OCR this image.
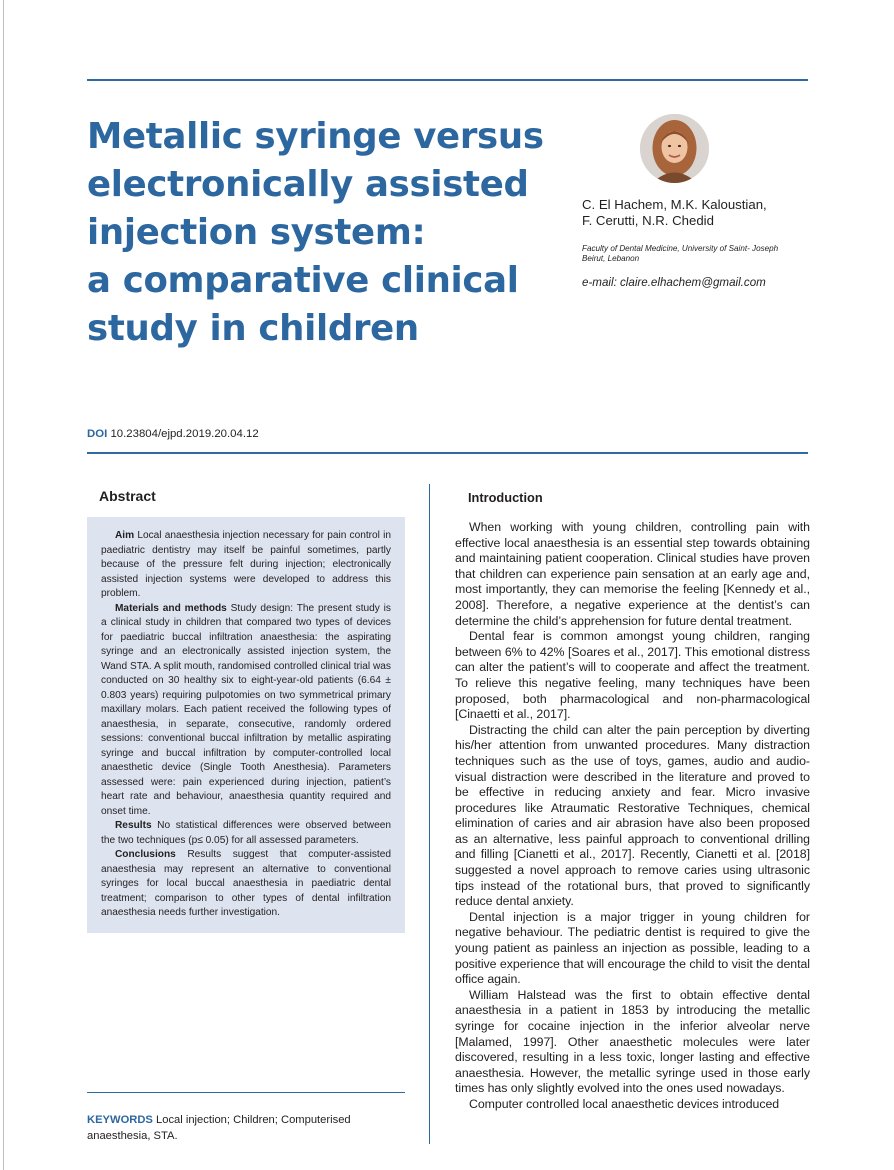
Metallic syringe versus
electronically assisted
injection system:
a comparative clinical
study in children
C. El Hachem, M.K. Kaloustian,
F. Cerutti, N.R. Chedid
Faculty of Dental Medicine, University of Saint- Joseph
Beirut, Lebanon
e-mail: claire.elhachem@gmail.com
DOI 10.23804/ejpd.2019.20.04.12
Abstract

Aim Local anaesthesia injection necessary for pain control in paediatric dentistry may itself be painful sometimes, partly because of the pressure felt during injection; electronically assisted injection systems were developed to address this problem.

Materials and methods Study design: The present study is a clinical study in children that compared two types of devices for paediatric buccal infiltration anaesthesia: the aspirating syringe and an electronically assisted injection system, the Wand STA. A split mouth, randomised controlled clinical trial was conducted on 30 healthy six to eight-year-old patients (6.64 ± 0.803 years) requiring pulpotomies on two symmetrical primary maxillary molars. Each patient received the following types of anaesthesia, in separate, consecutive, randomly ordered sessions: conventional buccal infiltration by metallic aspirating syringe and buccal infiltration by computer-controlled local anaesthetic device (Single Tooth Anesthesia). Parameters assessed were: pain experienced during injection, patient’s heart rate and behaviour, anaesthesia quantity required and onset time.

Results No statistical differences were observed between the two techniques (p≤ 0.05) for all assessed parameters.

Conclusions Results suggest that computer-assisted anaesthesia may represent an alternative to conventional syringes for local buccal anaesthesia in paediatric dental treatment; comparison to other types of dental infiltration anaesthesia needs further investigation.

KEYWORDS Local injection; Children; Computerised anaesthesia, STA.
Introduction

When working with young children, controlling pain with effective local anaesthesia is an essential step towards obtaining and maintaining patient cooperation. Clinical studies have proven that children can experience pain sensation at an early age and, most importantly, they can memorise the feeling [Kennedy et al., 2008]. Therefore, a negative experience at the dentist’s can determine the child’s apprehension for future dental treatment.

Dental fear is common amongst young children, ranging between 6% to 42% [Soares et al., 2017]. This emotional distress can alter the patient’s will to cooperate and affect the treatment. To relieve this negative feeling, many techniques have been proposed, both pharmacological and non-pharmacological [Cinaetti et al., 2017].

Distracting the child can alter the pain perception by diverting his/her attention from unwanted procedures. Many distraction techniques such as the use of toys, games, audio and audio-visual distraction were described in the literature and proved to be effective in reducing anxiety and fear. Micro invasive procedures like Atraumatic Restorative Techniques, chemical elimination of caries and air abrasion have also been proposed as an alternative, less painful approach to conventional drilling and filling [Cianetti et al., 2017]. Recently, Cianetti et al. [2018] suggested a novel approach to remove caries using ultrasonic tips instead of the rotational burs, that proved to significantly reduce dental anxiety.

Dental injection is a major trigger in young children for negative behaviour. The pediatric dentist is required to give the young patient as painless an injection as possible, leading to a positive experience that will encourage the child to visit the dental office again.

William Halstead was the first to obtain effective dental anaesthesia in a patient in 1853 by introducing the metallic syringe for cocaine injection in the inferior alveolar nerve [Malamed, 1997]. Other anaesthetic molecules were later discovered, resulting in a less toxic, longer lasting and effective anaesthesia. However, the metallic syringe used in those early times has only slightly evolved into the ones used nowadays.

Computer controlled local anaesthetic devices introduced
